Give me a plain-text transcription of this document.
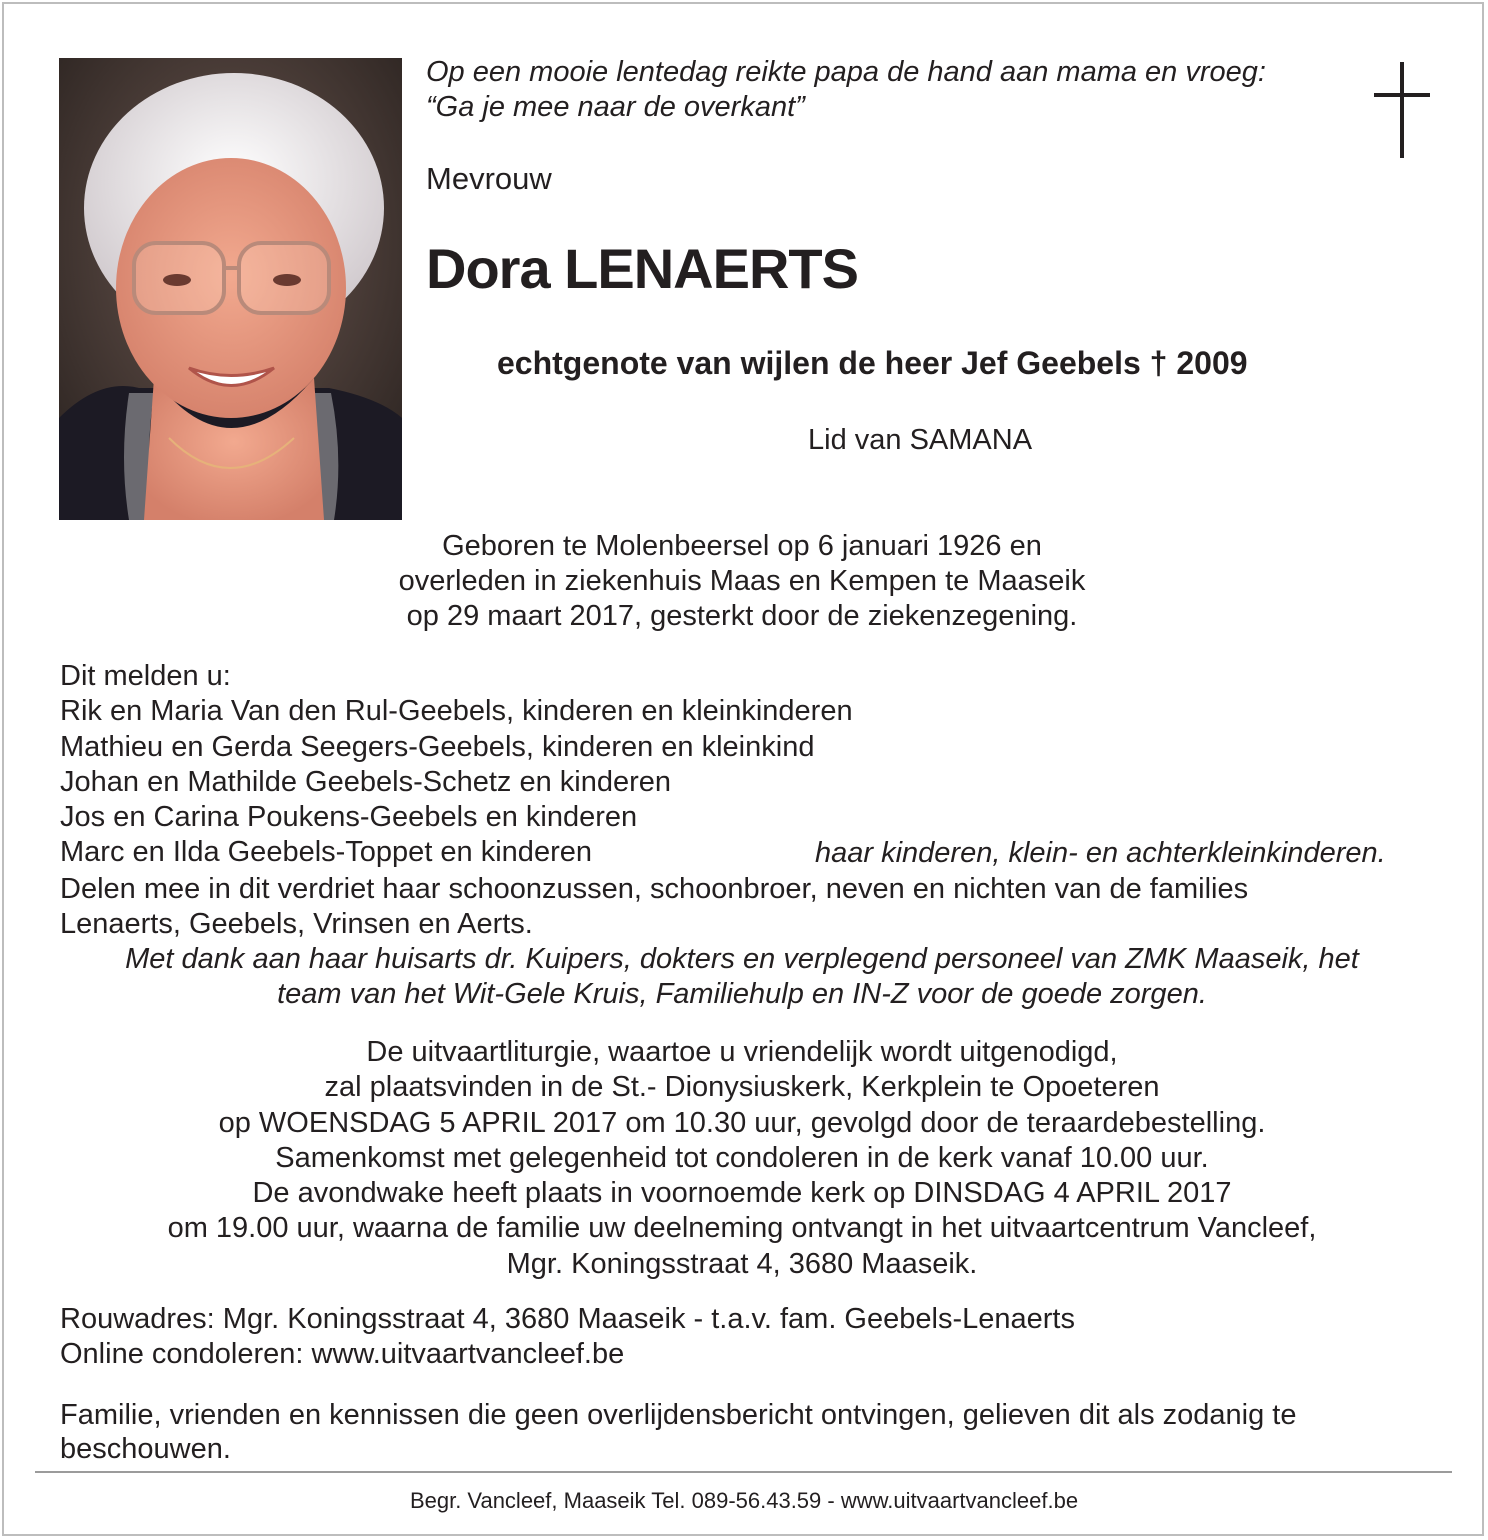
Op een mooie lentedag reikte papa de hand aan mama en vroeg:
“Ga je mee naar de overkant”
Mevrouw
Dora LENAERTS
echtgenote van wijlen de heer Jef Geebels † 2009
Lid van SAMANA
Geboren te Molenbeersel op 6 januari 1926 en
overleden in ziekenhuis Maas en Kempen te Maaseik
op 29 maart 2017, gesterkt door de ziekenzegening.
Dit melden u:
Rik en Maria Van den Rul-Geebels, kinderen en kleinkinderen
Mathieu en Gerda Seegers-Geebels, kinderen en kleinkind
Johan en Mathilde Geebels-Schetz en kinderen
Jos en Carina Poukens-Geebels en kinderen
Marc en Ilda Geebels-Toppet en kinderen	haar kinderen, klein- en achterkleinkinderen.
Delen mee in dit verdriet haar schoonzussen, schoonbroer, neven en nichten van de families
Lenaerts, Geebels, Vrinsen en Aerts.
Met dank aan haar huisarts dr. Kuipers, dokters en verplegend personeel van ZMK Maaseik, het
team van het Wit-Gele Kruis, Familiehulp en IN-Z voor de goede zorgen.
De uitvaartliturgie, waartoe u vriendelijk wordt uitgenodigd,
zal plaatsvinden in de St.- Dionysiuskerk, Kerkplein te Opoeteren
op WOENSDAG 5 APRIL 2017 om 10.30 uur, gevolgd door de teraardebestelling.
Samenkomst met gelegenheid tot condoleren in de kerk vanaf 10.00 uur.
De avondwake heeft plaats in voornoemde kerk op DINSDAG 4 APRIL 2017
om 19.00 uur, waarna de familie uw deelneming ontvangt in het uitvaartcentrum Vancleef,
Mgr. Koningsstraat 4, 3680 Maaseik.
Rouwadres: Mgr. Koningsstraat 4, 3680 Maaseik - t.a.v. fam. Geebels-Lenaerts
Online condoleren: www.uitvaartvancleef.be
Familie, vrienden en kennissen die geen overlijdensbericht ontvingen, gelieven dit als zodanig te
beschouwen.
Begr. Vancleef, Maaseik Tel. 089-56.43.59 - www.uitvaartvancleef.be
